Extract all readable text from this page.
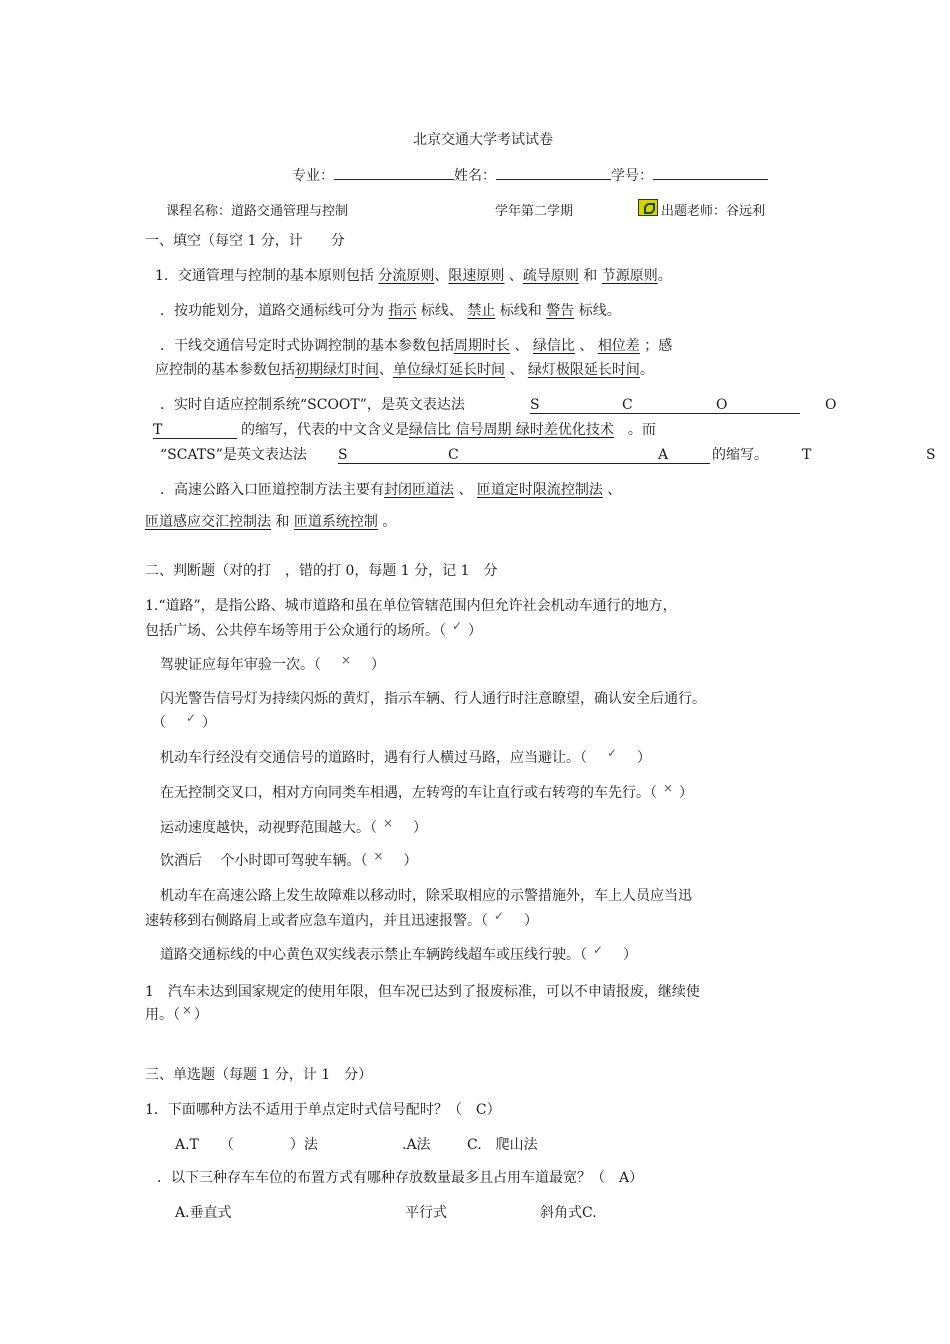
北京交通大学考试试卷
专业：	姓名：	学号：
课程名称：道路交通管理与控制	学年第二学期	出题老师：谷远利
一、填空（每空 1 分，计　　分
1．交通管理与控制的基本原则包括 分流原则、限速原则 、疏导原则 和 节源原则。
．按功能划分，道路交通标线可分为 指示 标线、 禁止 标线和 警告 标线。
．干线交通信号定时式协调控制的基本参数包括周期时长 、 绿信比 、 相位差 ；感
应控制的基本参数包括初期绿灯时间、单位绿灯延长时间 、 绿灯极限延长时间。
．实时自适应控制系统“SCOOT”，是英文表达法	S	C	O	O
T	的缩写，代表的中文含义是绿信比 信号周期 绿时差优化技术　 。而
“SCATS”是英文表达法 S	C	A	的缩写。 T	S
．高速公路入口匝道控制方法主要有封闭匝道法 、 匝道定时限流控制法 、
匝道感应交汇控制法 和 匝道系统控制 。
二、判断题（对的打　，错的打 0，每题 1 分，记 1　分
1.“道路”，是指公路、城市道路和虽在单位管辖范围内但允许社会机动车通行的地方，
包括广场、公共停车场等用于公众通行的场所。（ ✓ ）
驾驶证应每年审验一次。（　 ×　 ）
闪光警告信号灯为持续闪烁的黄灯，指示车辆、行人通行时注意瞭望，确认安全后通行。
（　 ✓ ）
机动车行经没有交通信号的道路时，遇有行人横过马路，应当避让。（　 ✓　 ）
在无控制交叉口，相对方向同类车相遇，左转弯的车让直行或右转弯的车先行。（ × ）
运动速度越快，动视野范围越大。（ ×　 ）
饮酒后　 个小时即可驾驶车辆。（ ×　 ）
机动车在高速公路上发生故障难以移动时，除采取相应的示警措施外，车上人员应当迅
速转移到右侧路肩上或者应急车道内，并且迅速报警。（ ✓　 ）
道路交通标线的中心黄色双实线表示禁止车辆跨线超车或压线行驶。（ ✓　 ）
1　汽车未达到国家规定的使用年限，但车况已达到了报废标准，可以不申请报废，继续使
用。（ × ）
三、单选题（每题 1 分，计 1　分）
1．下面哪种方法不适用于单点定时式信号配时？（　C）
A.T　　（　　　　）法	.A法	C.　爬山法
．以下三种存车车位的布置方式有哪种存放数量最多且占用车道最宽？（　A）
A.垂直式	平行式	斜角式C.
